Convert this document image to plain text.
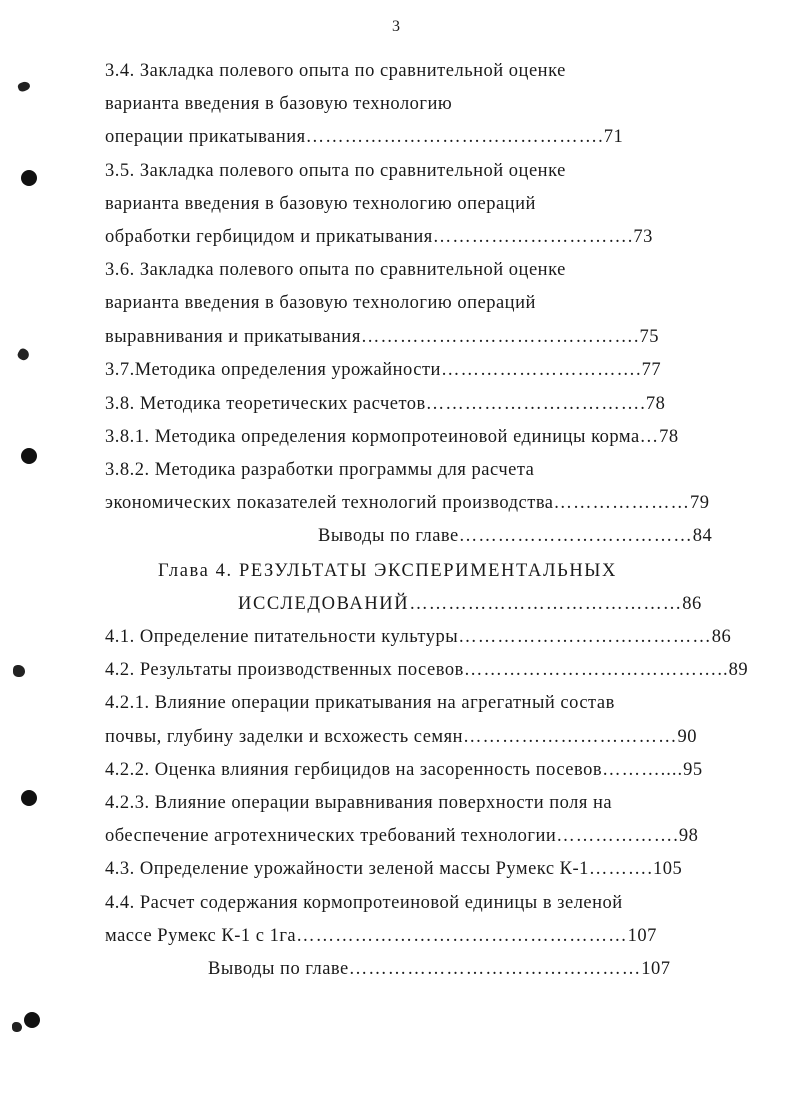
3
3.4. Закладка полевого опыта по сравнительной оценке
варианта введения в базовую технологию
операции прикатывания……………………………………….71
3.5. Закладка полевого опыта по сравнительной оценке
варианта введения в базовую технологию операций
обработки гербицидом и прикатывания………………………….73
3.6. Закладка полевого опыта по сравнительной оценке
варианта введения в базовую технологию операций
выравнивания и прикатывания…………………………………….75
3.7.Методика определения урожайности………………………….77
3.8. Методика теоретических расчетов…………………………….78
3.8.1. Методика определения кормопротеиновой единицы корма…78
3.8.2. Методика разработки программы для расчета
экономических показателей технологий производства…………………79
Выводы по главе………………………………84
Глава 4. РЕЗУЛЬТАТЫ ЭКСПЕРИМЕНТАЛЬНЫХ
ИССЛЕДОВАНИЙ……………………………………86
4.1. Определение питательности культуры…………………………………86
4.2. Результаты производственных посевов…………………………………..89
4.2.1. Влияние операции прикатывания на агрегатный состав
почвы, глубину заделки и всхожесть семян……………………………90
4.2.2. Оценка влияния гербицидов на засоренность посевов………....95
4.2.3. Влияние операции выравнивания поверхности поля на
обеспечение агротехнических требований технологии……………….98
4.3. Определение урожайности зеленой массы Румекс К-1……….105
4.4. Расчет содержания кормопротеиновой единицы в зеленой
массе Румекс К-1 с 1га……………………………………………107
Выводы по главе………………………………………107
